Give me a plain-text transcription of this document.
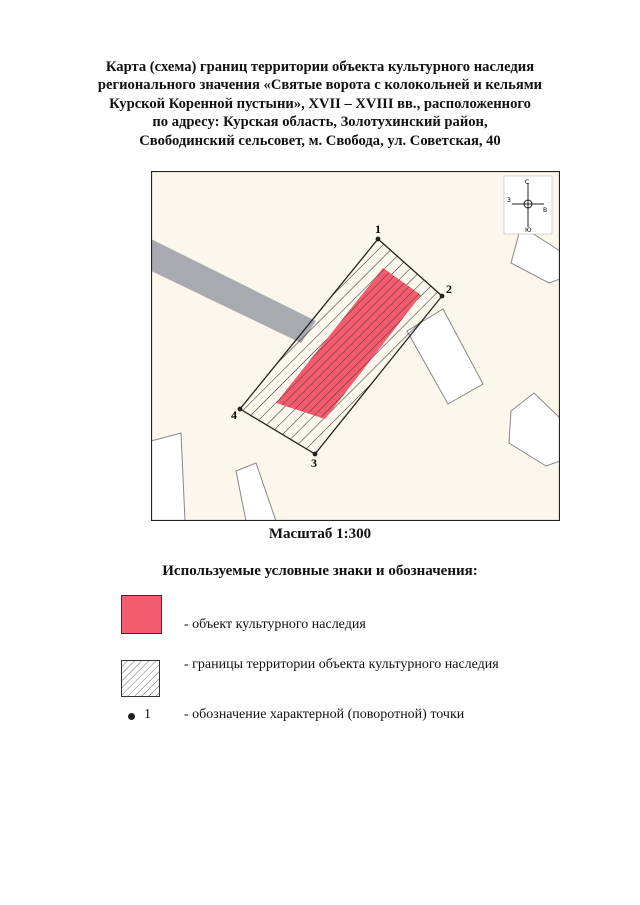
Карта (схема) границ территории объекта культурного наследия
регионального значения «Святые ворота с колокольней и кельями
Курской Коренной пустыни», XVII – XVIII вв., расположенного
по адресу: Курская область, Золотухинский район,
Свободинский сельсовет, м. Свобода, ул. Советская, 40
1
2
3
4
С
Ю
З
В
Масштаб 1:300
Используемые условные знаки и обозначения:
- объект культурного наследия
- границы территории объекта культурного наследия
1 - обозначение характерной (поворотной) точки
